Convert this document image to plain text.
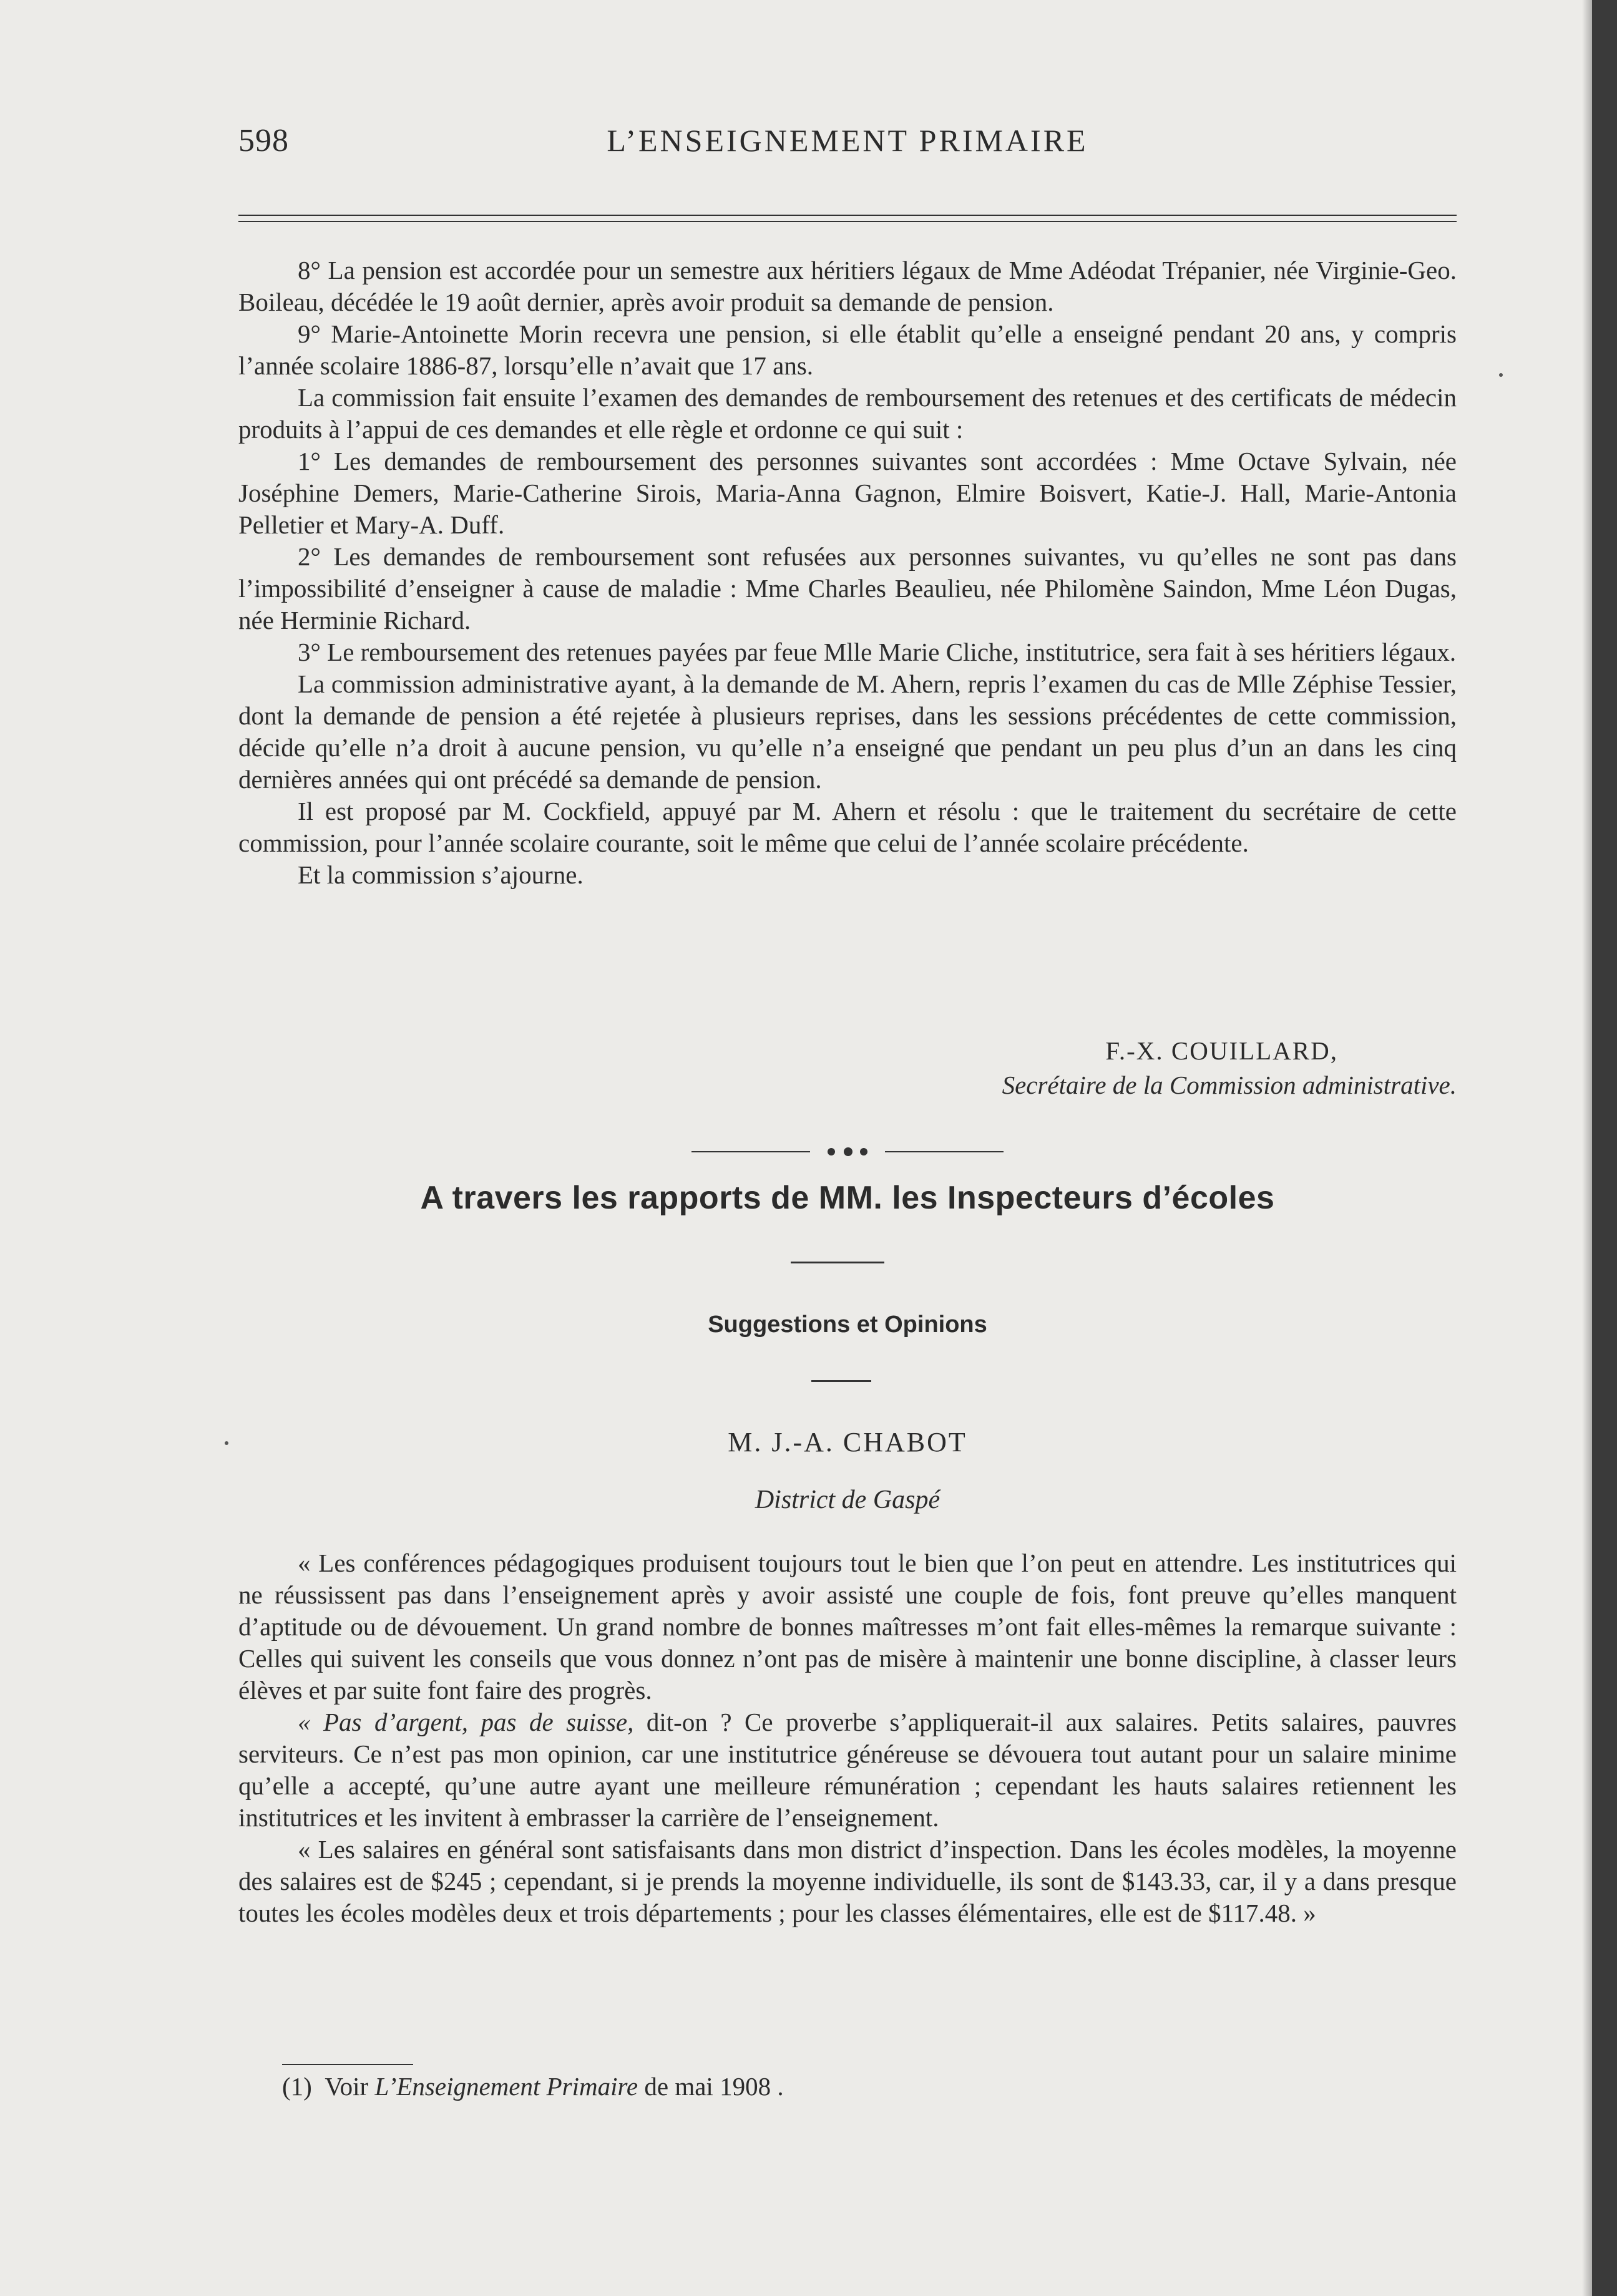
598	L’ENSEIGNEMENT PRIMAIRE

8° La pension est accordée pour un semestre aux héritiers légaux de Mme Adéodat Trépanier, née Virginie-Geo. Boileau, décédée le 19 août dernier, après avoir produit sa demande de pension.

9° Marie-Antoinette Morin recevra une pension, si elle établit qu’elle a enseigné pendant 20 ans, y compris l’année scolaire 1886-87, lorsqu’elle n’avait que 17 ans.

La commission fait ensuite l’examen des demandes de remboursement des retenues et des certificats de médecin produits à l’appui de ces demandes et elle règle et ordonne ce qui suit :

1° Les demandes de remboursement des personnes suivantes sont accordées : Mme Octave Sylvain, née Joséphine Demers, Marie-Catherine Sirois, Maria-Anna Gagnon, Elmire Boisvert, Katie-J. Hall, Marie-Antonia Pelletier et Mary-A. Duff.

2° Les demandes de remboursement sont refusées aux personnes suivantes, vu qu’elles ne sont pas dans l’impossibilité d’enseigner à cause de maladie : Mme Charles Beaulieu, née Philomène Saindon, Mme Léon Dugas, née Herminie Richard.

3° Le remboursement des retenues payées par feue Mlle Marie Cliche, institutrice, sera fait à ses héritiers légaux.

La commission administrative ayant, à la demande de M. Ahern, repris l’examen du cas de Mlle Zéphise Tessier, dont la demande de pension a été rejetée à plusieurs reprises, dans les sessions précédentes de cette commission, décide qu’elle n’a droit à aucune pension, vu qu’elle n’a enseigné que pendant un peu plus d’un an dans les cinq dernières années qui ont précédé sa demande de pension.

Il est proposé par M. Cockfield, appuyé par M. Ahern et résolu : que le traitement du secrétaire de cette commission, pour l’année scolaire courante, soit le même que celui de l’année scolaire précédente.

Et la commission s’ajourne.

F.-X. COUILLARD,
Secrétaire de la Commission administrative.
A travers les rapports de MM. les Inspecteurs d’écoles
Suggestions et Opinions
M. J.-A. CHABOT
District de Gaspé

« Les conférences pédagogiques produisent toujours tout le bien que l’on peut en attendre. Les institutrices qui ne réussissent pas dans l’enseignement après y avoir assisté une couple de fois, font preuve qu’elles manquent d’aptitude ou de dévouement. Un grand nombre de bonnes maîtresses m’ont fait elles-mêmes la remarque suivante : Celles qui suivent les conseils que vous donnez n’ont pas de misère à maintenir une bonne discipline, à classer leurs élèves et par suite font faire des progrès.

« Pas d’argent, pas de suisse, dit-on ? Ce proverbe s’appliquerait-il aux salaires. Petits salaires, pauvres serviteurs. Ce n’est pas mon opinion, car une institutrice généreuse se dévouera tout autant pour un salaire minime qu’elle a accepté, qu’une autre ayant une meilleure rémunération ; cependant les hauts salaires retiennent les institutrices et les invitent à embrasser la carrière de l’enseignement.

« Les salaires en général sont satisfaisants dans mon district d’inspection. Dans les écoles modèles, la moyenne des salaires est de $245 ; cependant, si je prends la moyenne individuelle, ils sont de $143.33, car, il y a dans presque toutes les écoles modèles deux et trois départements ; pour les classes élémentaires, elle est de $117.48. »

(1) Voir L’Enseignement Primaire de mai 1908 .
